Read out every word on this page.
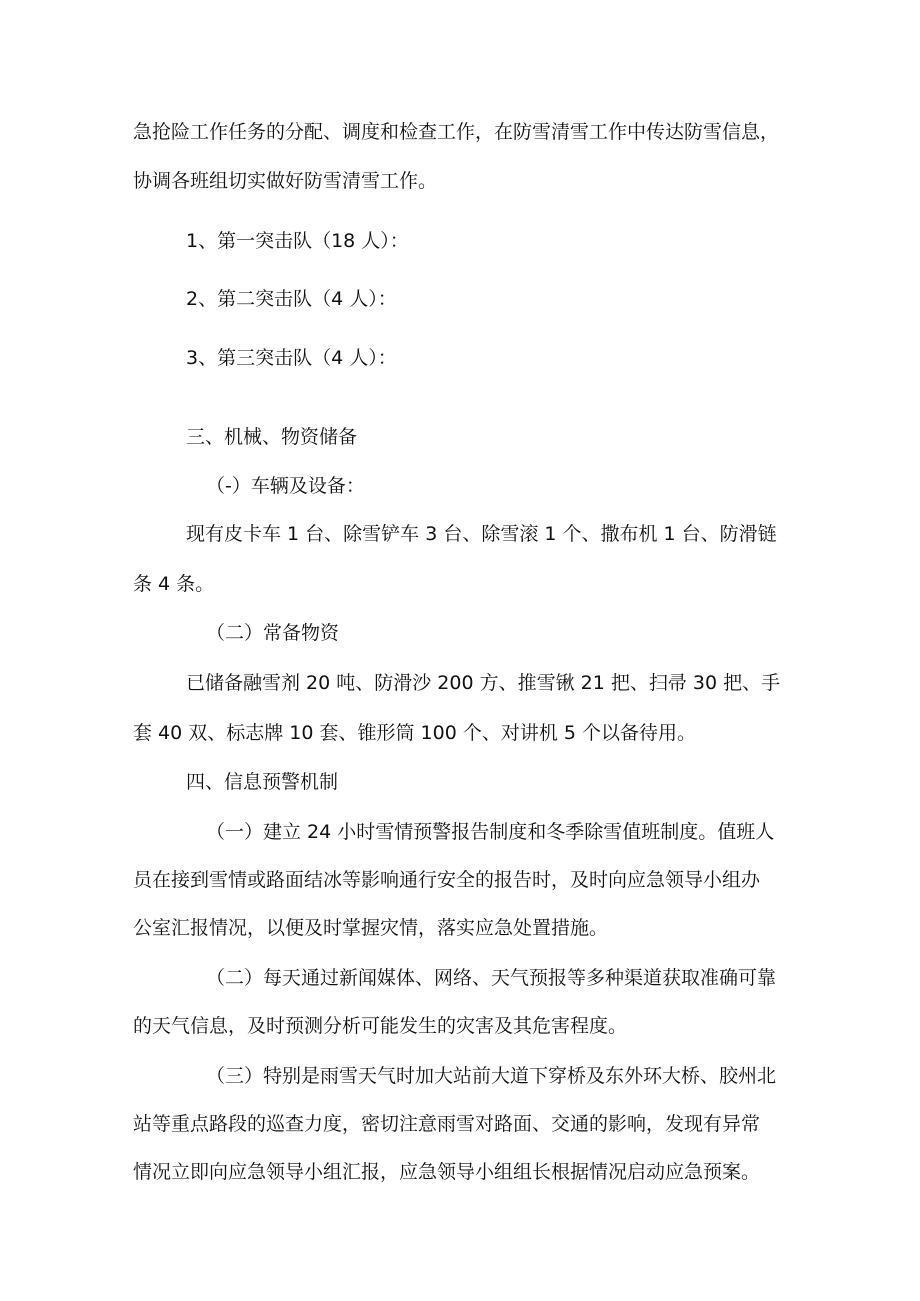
急抢险工作任务的分配、调度和检查工作，在防雪清雪工作中传达防雪信息，
协调各班组切实做好防雪清雪工作。
1、第一突击队（18 人）：
2、第二突击队（4 人）：
3、第三突击队（4 人）：
三、机械、物资储备
（-）车辆及设备：
现有皮卡车 1 台、除雪铲车 3 台、除雪滚 1 个、撒布机 1 台、防滑链
条 4 条。
（二）常备物资
已储备融雪剂 20 吨、防滑沙 200 方、推雪锹 21 把、扫帚 30 把、手
套 40 双、标志牌 10 套、锥形筒 100 个、对讲机 5 个以备待用。
四、信息预警机制
（一）建立 24 小时雪情预警报告制度和冬季除雪值班制度。值班人
员在接到雪情或路面结冰等影响通行安全的报告时，及时向应急领导小组办
公室汇报情况，以便及时掌握灾情，落实应急处置措施。
（二）每天通过新闻媒体、网络、天气预报等多种渠道获取准确可靠
的天气信息，及时预测分析可能发生的灾害及其危害程度。
（三）特别是雨雪天气时加大站前大道下穿桥及东外环大桥、胶州北
站等重点路段的巡查力度，密切注意雨雪对路面、交通的影响，发现有异常
情况立即向应急领导小组汇报，应急领导小组组长根据情况启动应急预案。
